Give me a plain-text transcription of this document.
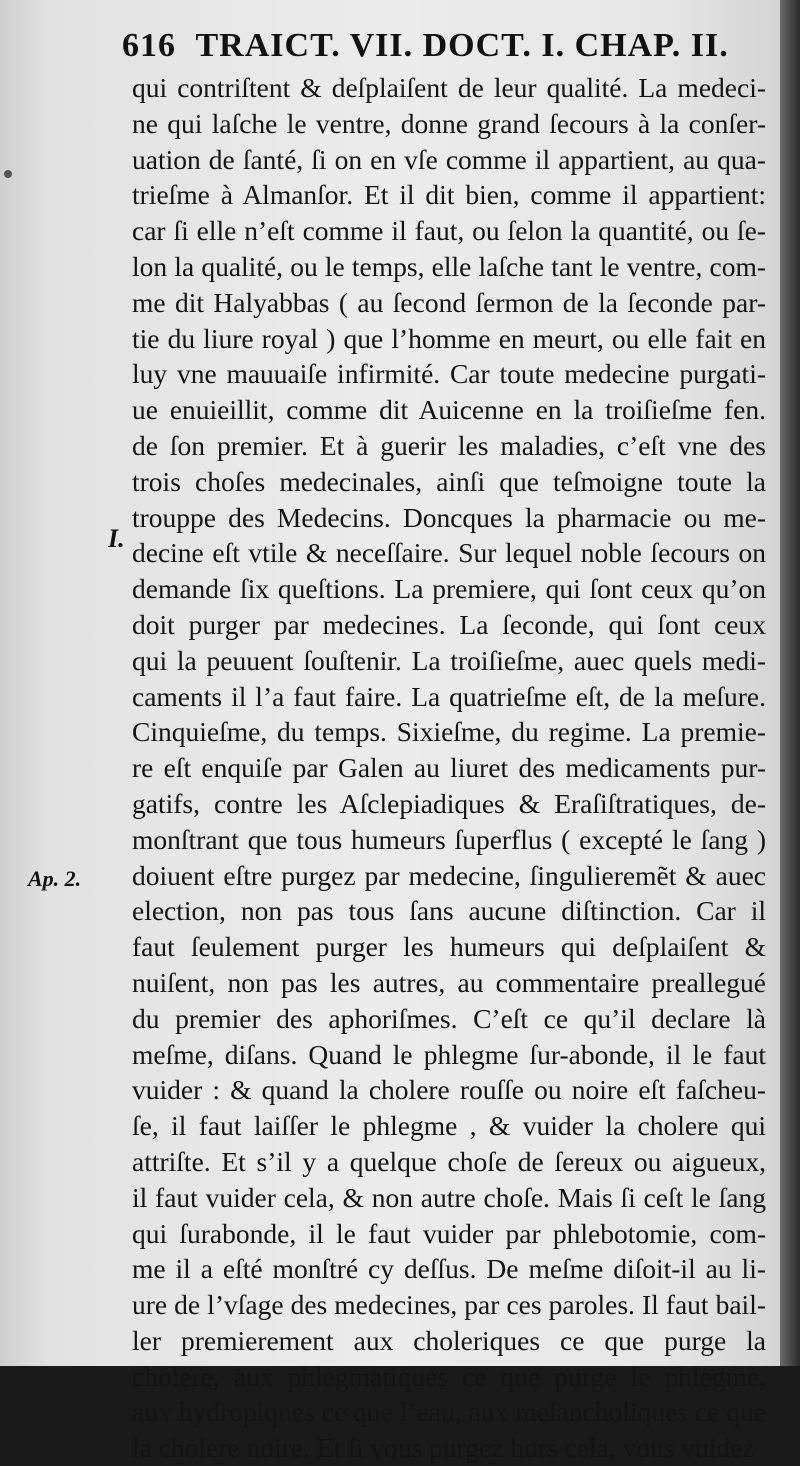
616 TRAICT. VII. DOCT. I. CHAP. II.
I.
Ap. 2.
qui contriſtent & deſplaiſent de leur qualité. La medeci-
ne qui laſche le ventre, donne grand ſecours à la conſer-
uation de ſanté, ſi on en vſe comme il appartient, au qua-
trieſme à Almanſor. Et il dit bien, comme il appartient:
car ſi elle n’eſt comme il faut, ou ſelon la quantité, ou ſe-
lon la qualité, ou le temps, elle laſche tant le ventre, com-
me dit Halyabbas ( au ſecond ſermon de la ſeconde par-
tie du liure royal ) que l’homme en meurt, ou elle fait en
luy vne mauuaiſe infirmité. Car toute medecine purgati-
ue enuieillit, comme dit Auicenne en la troiſieſme fen.
de ſon premier. Et à guerir les maladies, c’eſt vne des
trois choſes medecinales, ainſi que teſmoigne toute la
trouppe des Medecins. Doncques la pharmacie ou me-
decine eſt vtile & neceſſaire. Sur lequel noble ſecours on
demande ſix queſtions. La premiere, qui ſont ceux qu’on
doit purger par medecines. La ſeconde, qui ſont ceux
qui la peuuent ſouſtenir. La troiſieſme, auec quels medi-
caments il l’a faut faire. La quatrieſme eſt, de la meſure.
Cinquieſme, du temps. Sixieſme, du regime. La premie-
re eſt enquiſe par Galen au liuret des medicaments pur-
gatifs, contre les Aſclepiadiques & Eraſiſtratiques, de-
monſtrant que tous humeurs ſuperflus ( excepté le ſang )
doiuent eſtre purgez par medecine, ſingulieremẽt & auec
election, non pas tous ſans aucune diſtinction. Car il
faut ſeulement purger les humeurs qui deſplaiſent &
nuiſent, non pas les autres, au commentaire preallegué
du premier des aphoriſmes. C’eſt ce qu’il declare là
meſme, diſans. Quand le phlegme ſur-abonde, il le faut
vuider : & quand la cholere rouſſe ou noire eſt faſcheu-
ſe, il faut laiſſer le phlegme , & vuider la cholere qui
attriſte. Et s’il y a quelque choſe de ſereux ou aigueux,
il faut vuider cela, & non autre choſe. Mais ſi ceſt le ſang
qui ſurabonde, il le faut vuider par phlebotomie, com-
me il a eſté monſtré cy deſſus. De meſme diſoit-il au li-
ure de l’vſage des medecines, par ces paroles. Il faut bail-
ler premierement aux choleriques ce que purge la
cholere, aux phlegmatiques ce que purge le phlegme,
aux hydropiques ce que l’eau, aux melancholiques ce que
la cholere noire. Et ſi vous purgez hors cela, vous vuidez
